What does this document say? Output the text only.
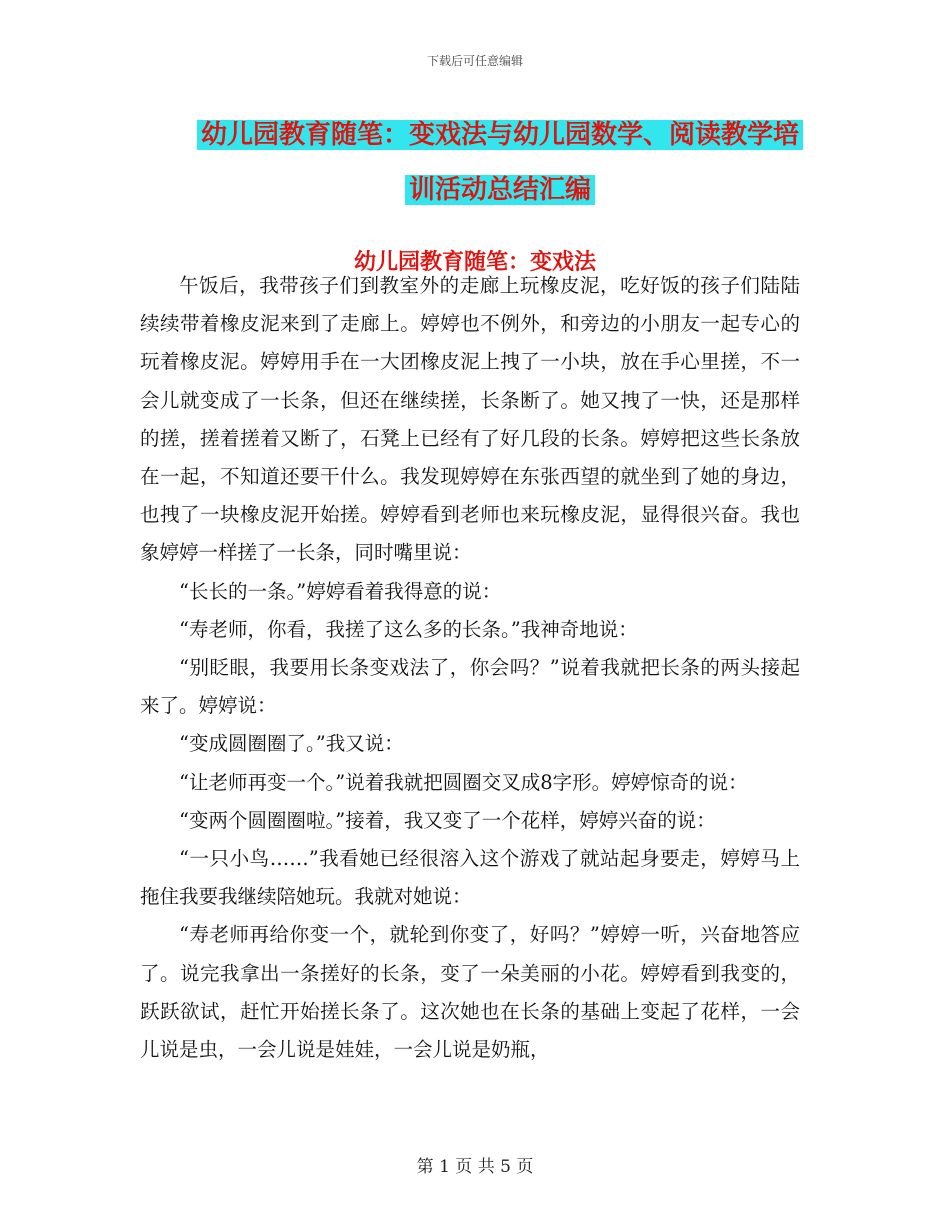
下载后可任意编辑
幼儿园教育随笔：变戏法与幼儿园数学、阅读教学培
训活动总结汇编
幼儿园教育随笔：变戏法

午饭后，我带孩子们到教室外的走廊上玩橡皮泥，吃好饭的孩子们陆陆续续带着橡皮泥来到了走廊上。婷婷也不例外，和旁边的小朋友一起专心的玩着橡皮泥。婷婷用手在一大团橡皮泥上拽了一小块，放在手心里搓，不一会儿就变成了一长条，但还在继续搓，长条断了。她又拽了一快，还是那样的搓，搓着搓着又断了，石凳上已经有了好几段的长条。婷婷把这些长条放在一起，不知道还要干什么。我发现婷婷在东张西望的就坐到了她的身边，也拽了一块橡皮泥开始搓。婷婷看到老师也来玩橡皮泥，显得很兴奋。我也象婷婷一样搓了一长条，同时嘴里说：

“长长的一条。”婷婷看着我得意的说：

“寿老师，你看，我搓了这么多的长条。”我神奇地说：

“别眨眼，我要用长条变戏法了，你会吗？”说着我就把长条的两头接起来了。婷婷说：

“变成圆圈圈了。”我又说：

“让老师再变一个。”说着我就把圆圈交叉成8字形。婷婷惊奇的说：

“变两个圆圈圈啦。”接着，我又变了一个花样，婷婷兴奋的说：

“一只小鸟……”我看她已经很溶入这个游戏了就站起身要走，婷婷马上拖住我要我继续陪她玩。我就对她说：

“寿老师再给你变一个，就轮到你变了，好吗？”婷婷一听，兴奋地答应了。说完我拿出一条搓好的长条，变了一朵美丽的小花。婷婷看到我变的，跃跃欲试，赶忙开始搓长条了。这次她也在长条的基础上变起了花样，一会儿说是虫，一会儿说是娃娃，一会儿说是奶瓶，

第 1 页 共 5 页
